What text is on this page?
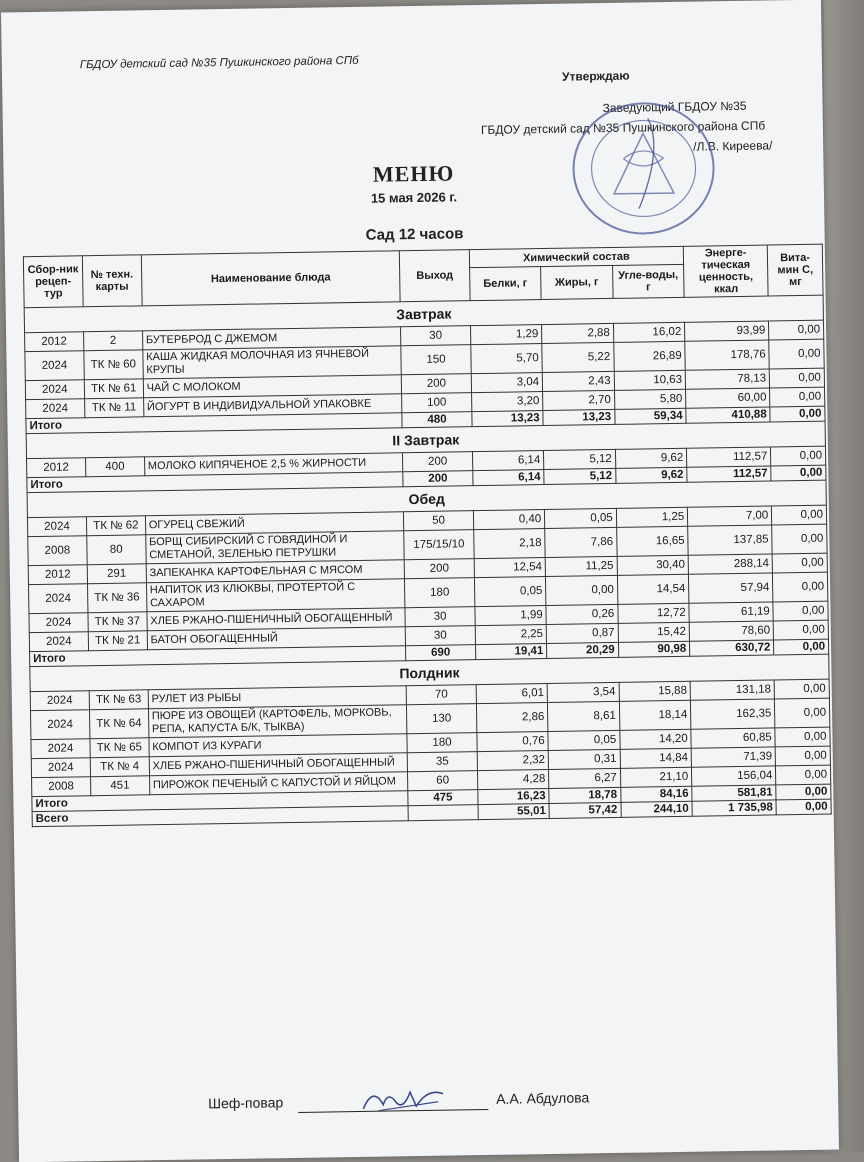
ГБДОУ детский сад №35 Пушкинского района СПб
Утверждаю
Заведующий ГБДОУ №35
ГБДОУ детский сад №35 Пушкинского района СПб
/Л.В. Киреева/
МЕНЮ
15 мая 2026 г.
Сад 12 часов
Сбор-ник рецеп-тур	№ техн. карты	Наименование блюда	Выход	Химический состав			Энерге-тическая ценность, ккал	Вита-мин С, мг
				Белки, г	Жиры, г	Угле-воды, г		
Завтрак								
2012	2	БУТЕРБРОД С ДЖЕМОМ	30	1,29	2,88	16,02	93,99	0,00
2024	ТК № 60	КАША ЖИДКАЯ МОЛОЧНАЯ ИЗ ЯЧНЕВОЙ КРУПЫ	150	5,70	5,22	26,89	178,76	0,00
2024	ТК № 61	ЧАЙ С МОЛОКОМ	200	3,04	2,43	10,63	78,13	0,00
2024	ТК № 11	ЙОГУРТ В ИНДИВИДУАЛЬНОЙ УПАКОВКЕ	100	3,20	2,70	5,80	60,00	0,00
Итого			480	13,23	13,23	59,34	410,88	0,00
II Завтрак								
2012	400	МОЛОКО КИПЯЧЕНОЕ 2,5 % ЖИРНОСТИ	200	6,14	5,12	9,62	112,57	0,00
Итого			200	6,14	5,12	9,62	112,57	0,00
Обед								
2024	ТК № 62	ОГУРЕЦ СВЕЖИЙ	50	0,40	0,05	1,25	7,00	0,00
2008	80	БОРЩ СИБИРСКИЙ С ГОВЯДИНОЙ И СМЕТАНОЙ, ЗЕЛЕНЬЮ ПЕТРУШКИ	175/15/10	2,18	7,86	16,65	137,85	0,00
2012	291	ЗАПЕКАНКА КАРТОФЕЛЬНАЯ С МЯСОМ	200	12,54	11,25	30,40	288,14	0,00
2024	ТК № 36	НАПИТОК ИЗ КЛЮКВЫ, ПРОТЕРТОЙ С САХАРОМ	180	0,05	0,00	14,54	57,94	0,00
2024	ТК № 37	ХЛЕБ РЖАНО-ПШЕНИЧНЫЙ ОБОГАЩЕННЫЙ	30	1,99	0,26	12,72	61,19	0,00
2024	ТК № 21	БАТОН ОБОГАЩЕННЫЙ	30	2,25	0,87	15,42	78,60	0,00
Итого			690	19,41	20,29	90,98	630,72	0,00
Полдник								
2024	ТК № 63	РУЛЕТ ИЗ РЫБЫ	70	6,01	3,54	15,88	131,18	0,00
2024	ТК № 64	ПЮРЕ ИЗ ОВОЩЕЙ (КАРТОФЕЛЬ, МОРКОВЬ, РЕПА, КАПУСТА Б/К, ТЫКВА)	130	2,86	8,61	18,14	162,35	0,00
2024	ТК № 65	КОМПОТ ИЗ КУРАГИ	180	0,76	0,05	14,20	60,85	0,00
2024	ТК № 4	ХЛЕБ РЖАНО-ПШЕНИЧНЫЙ ОБОГАЩЕННЫЙ	35	2,32	0,31	14,84	71,39	0,00
2008	451	ПИРОЖОК ПЕЧЕНЫЙ С КАПУСТОЙ И ЯЙЦОМ	60	4,28	6,27	21,10	156,04	0,00
Итого			475	16,23	18,78	84,16	581,81	0,00
Всего				55,01	57,42	244,10	1 735,98	0,00
Шеф-повар	А.А. Абдулова
